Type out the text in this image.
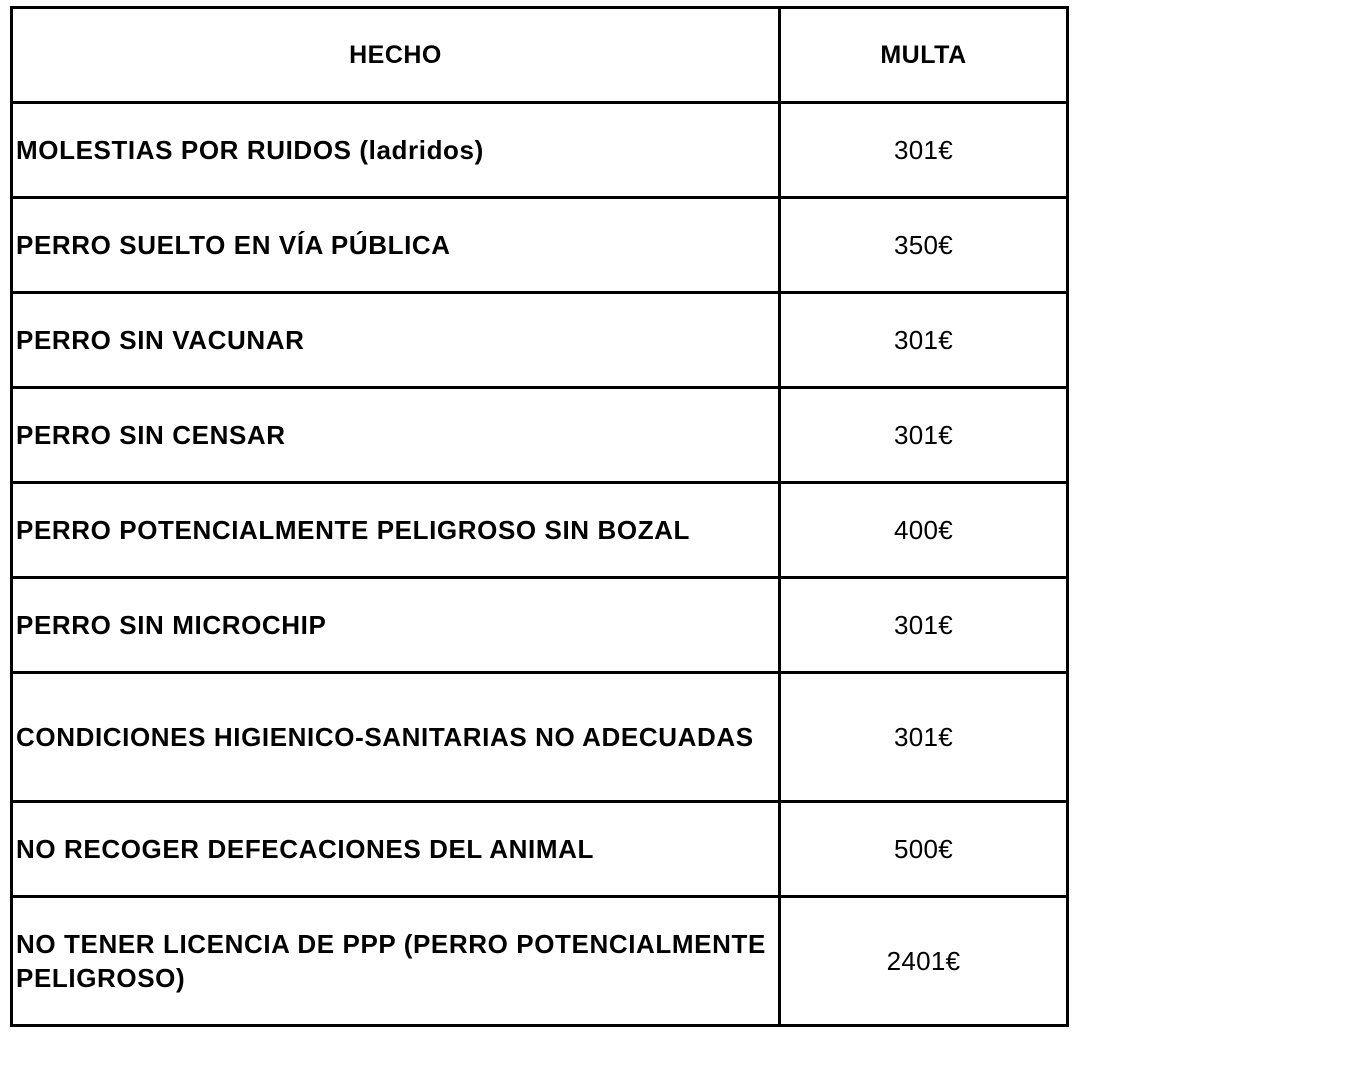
HECHO	MULTA
MOLESTIAS POR RUIDOS (ladridos)	301€
PERRO SUELTO EN VÍA PÚBLICA	350€
PERRO SIN VACUNAR	301€
PERRO SIN CENSAR	301€
PERRO POTENCIALMENTE PELIGROSO SIN BOZAL	400€
PERRO SIN MICROCHIP	301€
CONDICIONES HIGIENICO-SANITARIAS NO ADECUADAS	301€
NO RECOGER DEFECACIONES DEL ANIMAL	500€
NO TENER LICENCIA DE PPP (PERRO POTENCIALMENTE PELIGROSO)	2401€
